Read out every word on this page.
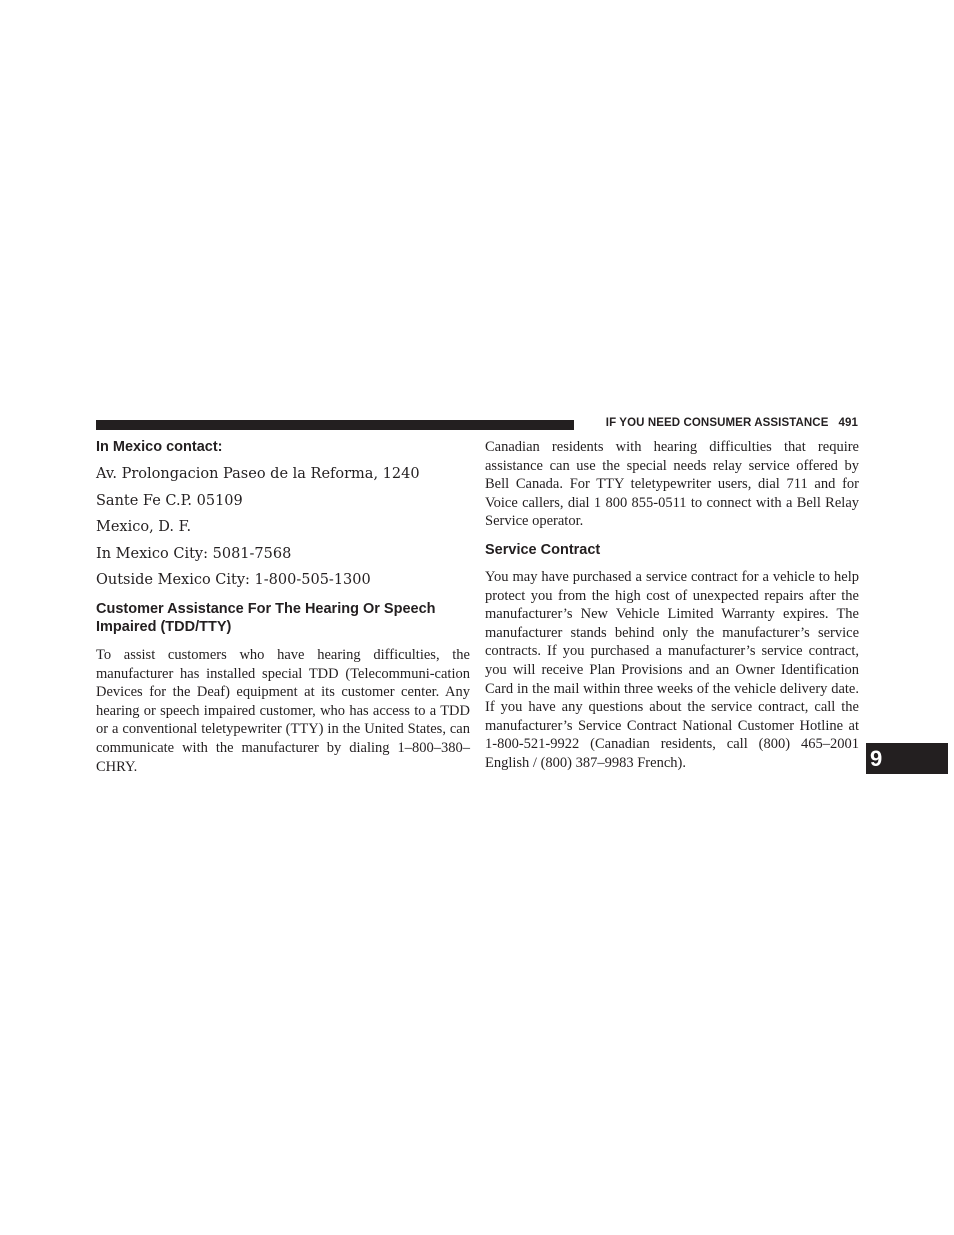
IF YOU NEED CONSUMER ASSISTANCE 491
In Mexico contact:
Av. Prolongacion Paseo de la Reforma, 1240
Sante Fe C.P. 05109
Mexico, D. F.
In Mexico City: 5081-7568
Outside Mexico City: 1-800-505-1300
Customer Assistance For The Hearing Or Speech Impaired (TDD/TTY)

To assist customers who have hearing difficulties, the manufacturer has installed special TDD (Telecommuni-cation Devices for the Deaf) equipment at its customer center. Any hearing or speech impaired customer, who has access to a TDD or a conventional teletypewriter (TTY) in the United States, can communicate with the manufacturer by dialing 1–800–380–CHRY.

Canadian residents with hearing difficulties that require assistance can use the special needs relay service offered by Bell Canada. For TTY teletypewriter users, dial 711 and for Voice callers, dial 1 800 855-0511 to connect with a Bell Relay Service operator.

Service Contract

You may have purchased a service contract for a vehicle to help protect you from the high cost of unexpected repairs after the manufacturer’s New Vehicle Limited Warranty expires. The manufacturer stands behind only the manufacturer’s service contracts. If you purchased a manufacturer’s service contract, you will receive Plan Provisions and an Owner Identification Card in the mail within three weeks of the vehicle delivery date. If you have any questions about the service contract, call the manufacturer’s Service Contract National Customer Hotline at 1-800-521-9922 (Canadian residents, call (800) 465–2001 English / (800) 387–9983 French).	9
